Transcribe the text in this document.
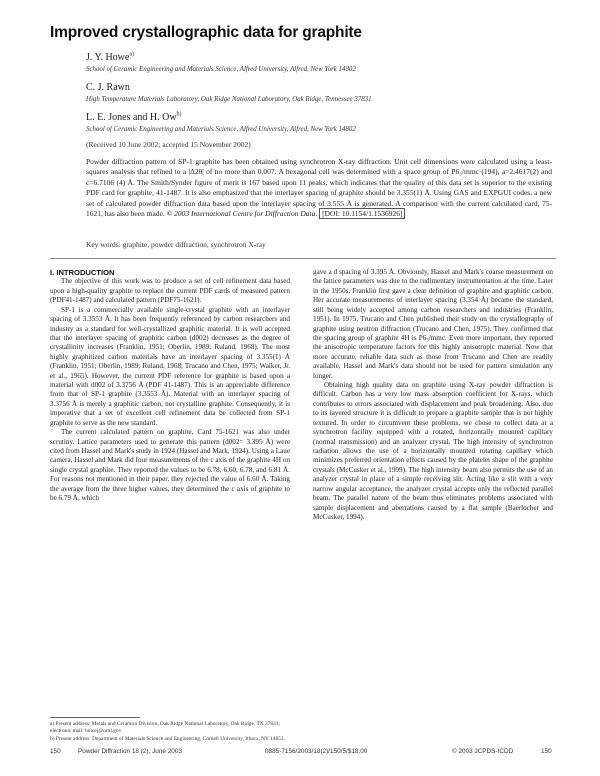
Improved crystallographic data for graphite
J. Y. Howe$^{a)}$
School of Ceramic Engineering and Materials Science, Alfred University, Alfred, New York 14802
C. J. Rawn
High Temperature Materials Laboratory, Oak Ridge National Laboratory, Oak Ridge, Tennessee 37831
L. E. Jones and H. Ow$^{b)}$
School of Ceramic Engineering and Materials Science, Alfred University, Alfred, New York 14802
(Received 10 June 2002; accepted 15 November 2002)

Powder diffraction pattern of SP-1 graphite has been obtained using synchrotron X-ray diffraction. Unit cell dimensions were calculated using a least-squares analysis that refined to a |Δ2θ| of no more than 0.007. A hexagonal cell was determined with a space group of P6₃/mmc (194), a=2.4617(2) and c=6.7106 (4) Å. The Smith/Synder figure of merit is 167 based upon 11 peaks, which indicates that the quality of this data set is superior to the existing PDF card for graphite, 41-1487. It is also emphasized that the interlayer spacing of graphite should be 3.355(1) Å. Using GAS and EXPGUI codes, a new set of calculated powder diffraction data based upon the interlayer spacing of 3.555 Å is generated. A comparison with the current calculated card, 75-1621, has also been made. © 2003 International Centre for Diffraction Data. [DOI: 10.1154/1.1536926]

Key words: graphite, powder diffraction, synchrotron X-ray

I. INTRODUCTION

The objective of this work was to produce a set of cell refinement data based upon a high-quality graphite to replace the current PDF cards of measured pattern (PDF41-1487) and calculated pattern (PDF75-1621).

SP-1 is a commercially available single-crystal graphite with an interlayer spacing of 3.3553 Å. It has been frequently referenced by carbon researchers and industry as a standard for well-crystallized graphitic material. It is well accepted that the interlayer spacing of graphitic carbon (d002) decreases as the degree of crystallinity increases (Franklin, 1951; Oberlin, 1989; Ruland, 1968). The most highly graphitized carbon materials have an interlayer spacing of 3.355(1) Å (Franklin, 1951; Oberlin, 1989; Ruland, 1968; Trucano and Chen, 1975; Walker, Jr. et al., 1965). However, the current PDF reference for graphite is based upon a material with d002 of 3.3756 Å (PDF 41-1487). This is an appreciable difference from that of SP-1 graphite (3.3553 Å). Material with an interlayer spacing of 3.3756 Å is merely a graphitic carbon, not crystalline graphite. Consequently, it is imperative that a set of excellent cell refinement data be collected from SP-1 graphite to serve as the new standard.

The current calculated pattern on graphite, Card 75-1621 was also under scrutiny. Lattice parameters used to generate this pattern (d002= 3.395 Å) were cited from Hassel and Mark's study in 1924 (Hassel and Mark, 1924). Using a Laue camera, Hassel and Mark did four measurements of the c axis of the graphite 4H on single crystal graphite. They reported the values to be 6.78, 6.60, 6.78, and 6.81 Å. For reasons not mentioned in their paper, they rejected the value of 6.60 Å. Taking the average from the three higher values, they determined the c axis of graphite to be 6.79 Å, which

gave a d spacing of 3.395 Å. Obviously, Hassel and Mark's coarse measurement on the lattice parameters was due to the rudimentary instrumentation at the time. Later in the 1950s, Franklin first gave a clear definition of graphite and graphitic carbon. Her accurate measurements of interlayer spacing (3.354 Å) became the standard, still being widely accepted among carbon researchers and industries (Franklin, 1951). In 1975, Trucano and Chen published their study on the crystallography of graphite using neutron diffraction (Trucano and Chen, 1975). They confirmed that the spacing group of graphite 4H is P6₃/mmc. Even more important, they reported the anisotropic temperature factors for this highly anisotropic material. Now that more accurate, reliable data such as those from Trucano and Chen are readily available, Hassel and Mark's data should not be used for pattern simulation any longer.

Obtaining high quality data on graphite using X-ray powder diffraction is difficult. Carbon has a very low mass absorption coefficient for X-rays, which contributes to errors associated with displacement and peak broadening. Also, due to its layered structure it is difficult to prepare a graphite sample that is not highly textured. In order to circumvent these problems, we chose to collect data at a synchrotron facility equipped with a rotated, horizontally mounted capillary (normal transmission) and an analyzer crystal. The high intensity of synchrotron radiation allows the use of a horizontally mounted rotating capillary which minimizes preferred orientation effects caused by the platelet shape of the graphite crystals (McCusker et al., 1999). The high intensity beam also permits the use of an analyzer crystal in place of a simple receiving slit. Acting like a slit with a very narrow angular acceptance, the analyzer crystal accepts only the reflected parallel beam. The parallel nature of the beam thus eliminates problems associated with sample displacement and aberrations caused by a flat sample (Baerlocher and McCusker, 1994).

a) Present address: Metals and Ceramics Division, Oak Ridge National Laboratory, Oak Ridge, TN 37831; electronic mail: howej@ornl.gov
b) Present address: Department of Materials Science and Engineering, Cornell University, Ithaca, NY 14853.
150	Powder Diffraction 18 (2), June 2003	0885-7156/2003/18(2)/150/5/$18.00	© 2003 JCPDS-ICDD	150
